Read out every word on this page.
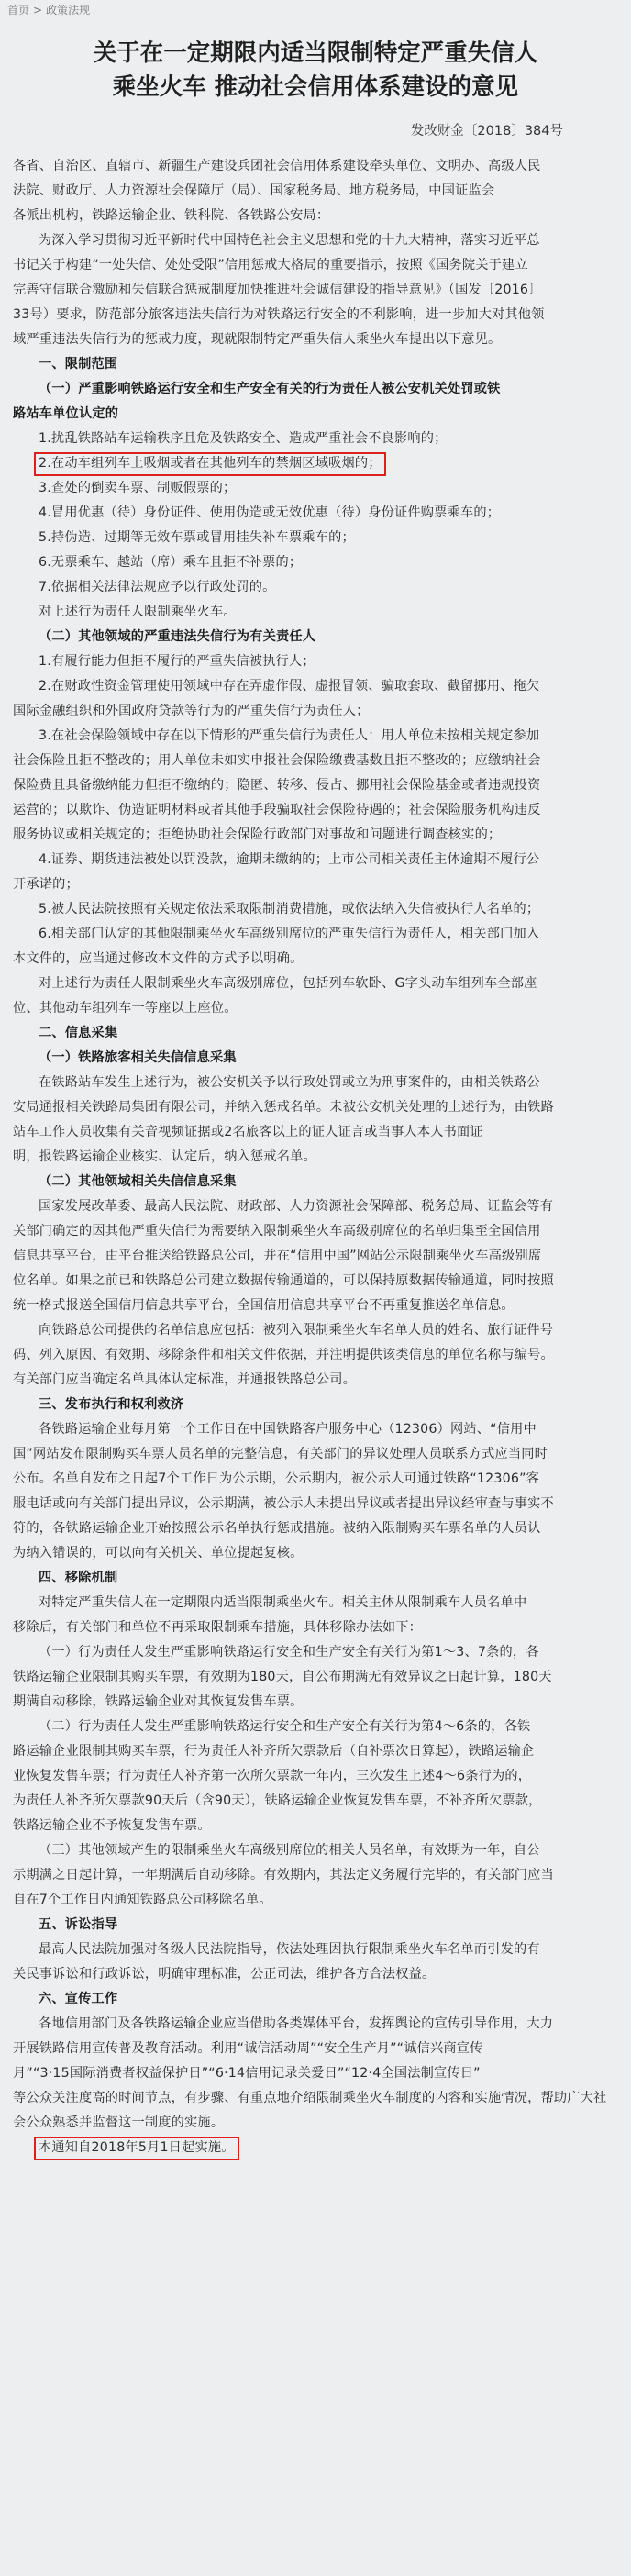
首页 > 政策法规
关于在一定期限内适当限制特定严重失信人
乘坐火车 推动社会信用体系建设的意见
发改财金〔2018〕384号
各省、自治区、直辖市、新疆生产建设兵团社会信用体系建设牵头单位、文明办、高级人民
法院、财政厅、人力资源社会保障厅（局）、国家税务局、地方税务局，中国证监会
各派出机构，铁路运输企业、铁科院、各铁路公安局：
为深入学习贯彻习近平新时代中国特色社会主义思想和党的十九大精神，落实习近平总
书记关于构建“一处失信、处处受限”信用惩戒大格局的重要指示，按照《国务院关于建立
完善守信联合激励和失信联合惩戒制度加快推进社会诚信建设的指导意见》（国发〔2016〕
33号）要求，防范部分旅客违法失信行为对铁路运行安全的不利影响，进一步加大对其他领
域严重违法失信行为的惩戒力度，现就限制特定严重失信人乘坐火车提出以下意见。
一、限制范围
（一）严重影响铁路运行安全和生产安全有关的行为责任人被公安机关处罚或铁
路站车单位认定的
1.扰乱铁路站车运输秩序且危及铁路安全、造成严重社会不良影响的；
2.在动车组列车上吸烟或者在其他列车的禁烟区域吸烟的；
3.查处的倒卖车票、制贩假票的；
4.冒用优惠（待）身份证件、使用伪造或无效优惠（待）身份证件购票乘车的；
5.持伪造、过期等无效车票或冒用挂失补车票乘车的；
6.无票乘车、越站（席）乘车且拒不补票的；
7.依据相关法律法规应予以行政处罚的。
对上述行为责任人限制乘坐火车。
（二）其他领域的严重违法失信行为有关责任人
1.有履行能力但拒不履行的严重失信被执行人；
2.在财政性资金管理使用领域中存在弄虚作假、虚报冒领、骗取套取、截留挪用、拖欠
国际金融组织和外国政府贷款等行为的严重失信行为责任人；
3.在社会保险领域中存在以下情形的严重失信行为责任人：用人单位未按相关规定参加
社会保险且拒不整改的；用人单位未如实申报社会保险缴费基数且拒不整改的；应缴纳社会
保险费且具备缴纳能力但拒不缴纳的；隐匿、转移、侵占、挪用社会保险基金或者违规投资
运营的；以欺诈、伪造证明材料或者其他手段骗取社会保险待遇的；社会保险服务机构违反
服务协议或相关规定的；拒绝协助社会保险行政部门对事故和问题进行调查核实的；
4.证券、期货违法被处以罚没款，逾期未缴纳的；上市公司相关责任主体逾期不履行公
开承诺的；
5.被人民法院按照有关规定依法采取限制消费措施，或依法纳入失信被执行人名单的；
6.相关部门认定的其他限制乘坐火车高级别席位的严重失信行为责任人，相关部门加入
本文件的，应当通过修改本文件的方式予以明确。
对上述行为责任人限制乘坐火车高级别席位，包括列车软卧、G字头动车组列车全部座
位、其他动车组列车一等座以上座位。
二、信息采集
（一）铁路旅客相关失信信息采集
在铁路站车发生上述行为，被公安机关予以行政处罚或立为刑事案件的，由相关铁路公
安局通报相关铁路局集团有限公司，并纳入惩戒名单。未被公安机关处理的上述行为，由铁路
站车工作人员收集有关音视频证据或2名旅客以上的证人证言或当事人本人书面证
明，报铁路运输企业核实、认定后，纳入惩戒名单。
（二）其他领域相关失信信息采集
国家发展改革委、最高人民法院、财政部、人力资源社会保障部、税务总局、证监会等有
关部门确定的因其他严重失信行为需要纳入限制乘坐火车高级别席位的名单归集至全国信用
信息共享平台，由平台推送给铁路总公司，并在“信用中国”网站公示限制乘坐火车高级别席
位名单。如果之前已和铁路总公司建立数据传输通道的，可以保持原数据传输通道，同时按照
统一格式报送全国信用信息共享平台，全国信用信息共享平台不再重复推送名单信息。
向铁路总公司提供的名单信息应包括：被列入限制乘坐火车名单人员的姓名、旅行证件号
码、列入原因、有效期、移除条件和相关文件依据，并注明提供该类信息的单位名称与编号。
有关部门应当确定名单具体认定标准，并通报铁路总公司。
三、发布执行和权利救济
各铁路运输企业每月第一个工作日在中国铁路客户服务中心（12306）网站、“信用中
国”网站发布限制购买车票人员名单的完整信息，有关部门的异议处理人员联系方式应当同时
公布。名单自发布之日起7个工作日为公示期，公示期内，被公示人可通过铁路“12306”客
服电话或向有关部门提出异议，公示期满，被公示人未提出异议或者提出异议经审查与事实不
符的，各铁路运输企业开始按照公示名单执行惩戒措施。被纳入限制购买车票名单的人员认
为纳入错误的，可以向有关机关、单位提起复核。
四、移除机制
对特定严重失信人在一定期限内适当限制乘坐火车。相关主体从限制乘车人员名单中
移除后，有关部门和单位不再采取限制乘车措施，具体移除办法如下：
（一）行为责任人发生严重影响铁路运行安全和生产安全有关行为第1～3、7条的，各
铁路运输企业限制其购买车票，有效期为180天，自公布期满无有效异议之日起计算，180天
期满自动移除，铁路运输企业对其恢复发售车票。
（二）行为责任人发生严重影响铁路运行安全和生产安全有关行为第4～6条的，各铁
路运输企业限制其购买车票，行为责任人补齐所欠票款后（自补票次日算起），铁路运输企
业恢复发售车票；行为责任人补齐第一次所欠票款一年内，三次发生上述4～6条行为的，
为责任人补齐所欠票款90天后（含90天），铁路运输企业恢复发售车票，不补齐所欠票款，
铁路运输企业不予恢复发售车票。
（三）其他领域产生的限制乘坐火车高级别席位的相关人员名单，有效期为一年，自公
示期满之日起计算，一年期满后自动移除。有效期内，其法定义务履行完毕的，有关部门应当
自在7个工作日内通知铁路总公司移除名单。
五、诉讼指导
最高人民法院加强对各级人民法院指导，依法处理因执行限制乘坐火车名单而引发的有
关民事诉讼和行政诉讼，明确审理标准，公正司法，维护各方合法权益。
六、宣传工作
各地信用部门及各铁路运输企业应当借助各类媒体平台，发挥舆论的宣传引导作用，大力
开展铁路信用宣传普及教育活动。利用“诚信活动周”“安全生产月”“诚信兴商宣传
月”“3·15国际消费者权益保护日”“6·14信用记录关爱日”“12·4全国法制宣传日”
等公众关注度高的时间节点，有步骤、有重点地介绍限制乘坐火车制度的内容和实施情况，帮助广大社
会公众熟悉并监督这一制度的实施。
本通知自2018年5月1日起实施。
